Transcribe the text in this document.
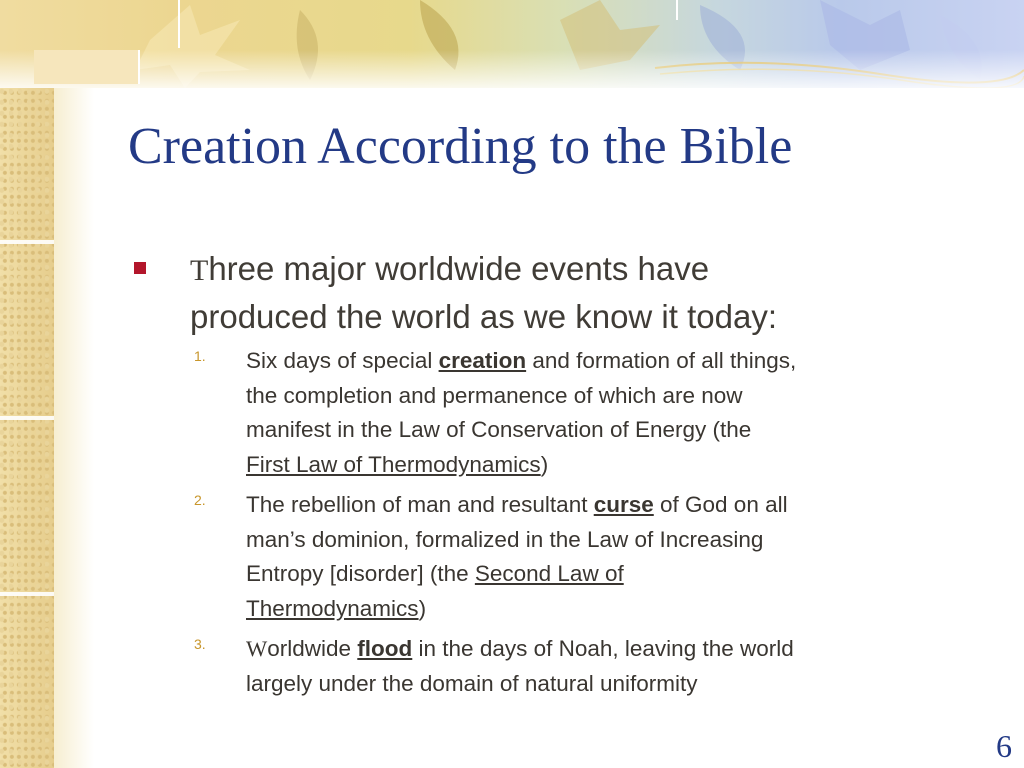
Creation According to the Bible
Three major worldwide events have
produced the world as we know it today:
1. Six days of special creation and formation of all things,
the completion and permanence of which are now
manifest in the Law of Conservation of Energy (the
First Law of Thermodynamics)
2. The rebellion of man and resultant curse of God on all
man’s dominion, formalized in the Law of Increasing
Entropy [disorder] (the Second Law of
Thermodynamics)
3. Worldwide flood in the days of Noah, leaving the world
largely under the domain of natural uniformity
6
